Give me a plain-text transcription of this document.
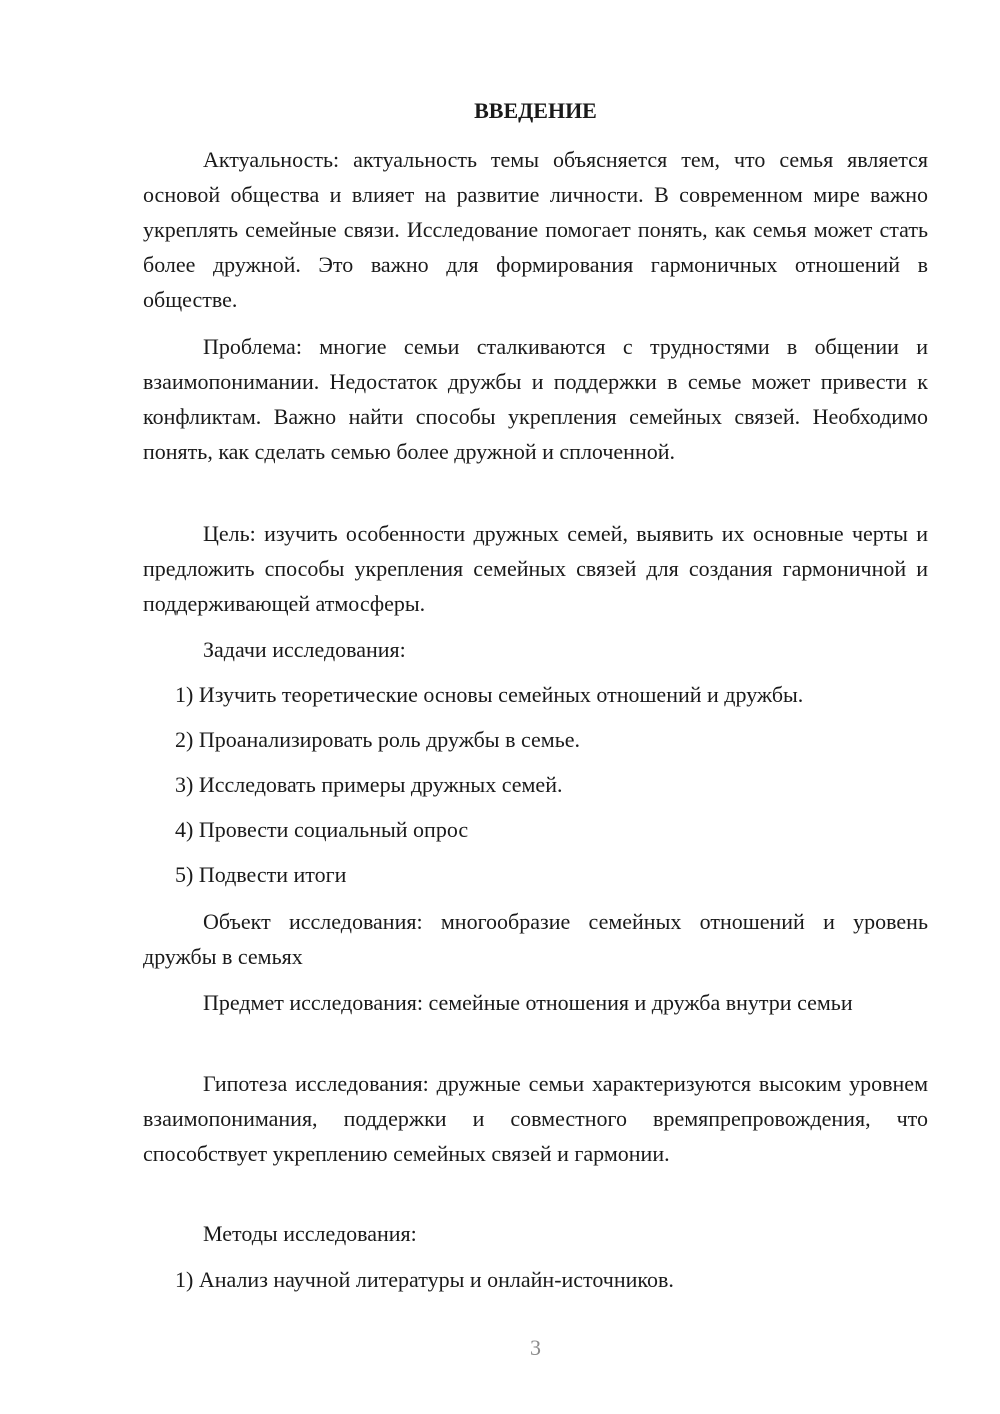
ВВЕДЕНИЕ

Актуальность: актуальность темы объясняется тем, что семья является основой общества и влияет на развитие личности. В современном мире важно укреплять семейные связи. Исследование помогает понять, как семья может стать более дружной. Это важно для формирования гармоничных отношений в обществе.

Проблема: многие семьи сталкиваются с трудностями в общении и взаимопонимании. Недостаток дружбы и поддержки в семье может привести к конфликтам. Важно найти способы укрепления семейных связей. Необходимо понять, как сделать семью более дружной и сплоченной.

Цель: изучить особенности дружных семей, выявить их основные черты и предложить способы укрепления семейных связей для создания гармоничной и поддерживающей атмосферы.

Задачи исследования:

1) Изучить теоретические основы семейных отношений и дружбы.

2) Проанализировать роль дружбы в семье.

3) Исследовать примеры дружных семей.

4) Провести социальный опрос

5) Подвести итоги

Объект исследования: многообразие семейных отношений и уровень дружбы в семьях

Предмет исследования: семейные отношения и дружба внутри семьи

Гипотеза исследования: дружные семьи характеризуются высоким уровнем взаимопонимания, поддержки и совместного времяпрепровождения, что способствует укреплению семейных связей и гармонии.

Методы исследования:

1) Анализ научной литературы и онлайн-источников.

3
